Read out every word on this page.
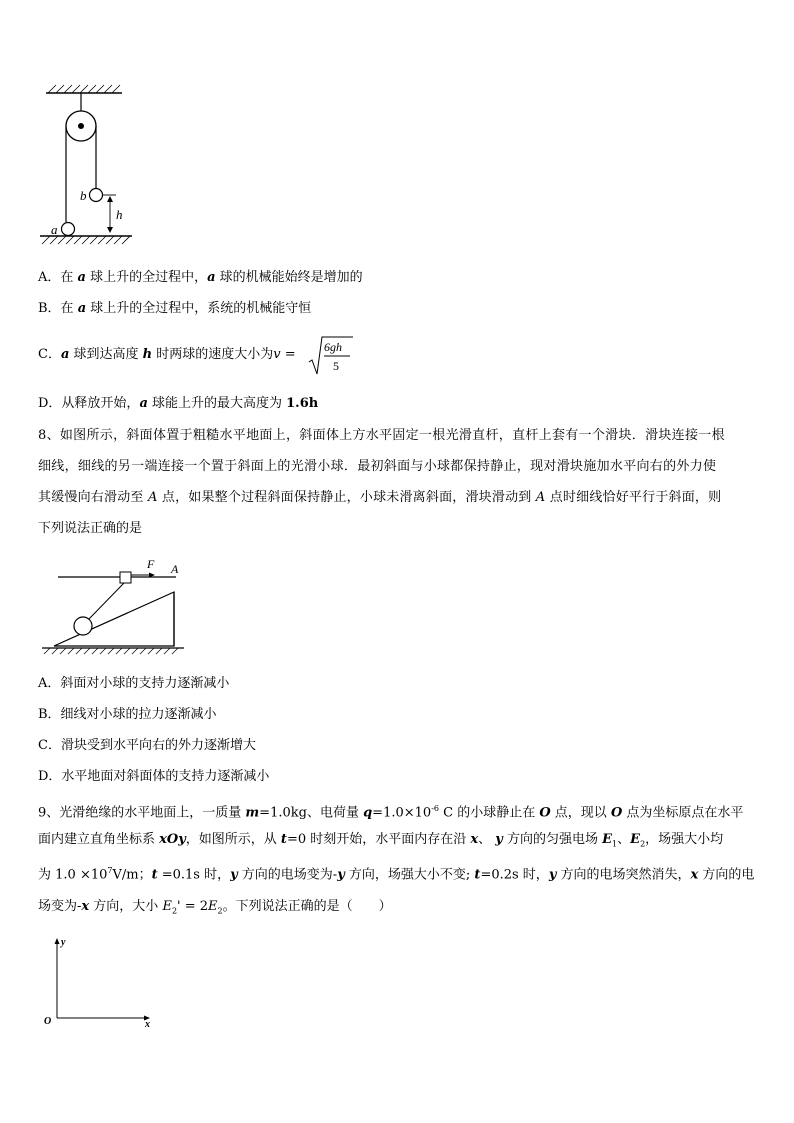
b
a
h
A．在 a 球上升的全过程中，a 球的机械能始终是增加的
B．在 a 球上升的全过程中，系统的机械能守恒
C．a 球到达高度 h 时两球的速度大小为v = 6gh
5
D．从释放开始，a 球能上升的最大高度为 1.6h
8、如图所示，斜面体置于粗糙水平地面上，斜面体上方水平固定一根光滑直杆，直杆上套有一个滑块．滑块连接一根
细线，细线的另一端连接一个置于斜面上的光滑小球．最初斜面与小球都保持静止，现对滑块施加水平向右的外力使
其缓慢向右滑动至 A 点，如果整个过程斜面保持静止，小球未滑离斜面，滑块滑动到 A 点时细线恰好平行于斜面，则
下列说法正确的是
F A
A．斜面对小球的支持力逐渐减小
B．细线对小球的拉力逐渐减小
C．滑块受到水平向右的外力逐渐增大
D．水平地面对斜面体的支持力逐渐减小
9、光滑绝缘的水平地面上，一质量 m=1.0kg、电荷量 $q=1.0\times 10^{-6}$ C 的小球静止在 O 点，现以 O 点为坐标原点在水平
面内建立直角坐标系 xOy，如图所示，从 t=0 时刻开始，水平面内存在沿 x、 y 方向的匀强电场 $E_1$、$E_2$，场强大小均
为 $1.0 \times 10^7V/m$；t =0.1s 时，y 方向的电场变为-y 方向，场强大小不变; t=0.2s 时，y 方向的电场突然消失，x 方向的电
场变为-x 方向，大小 $E_2' = 2E_2$。下列说法正确的是（　　）
y
x
O
